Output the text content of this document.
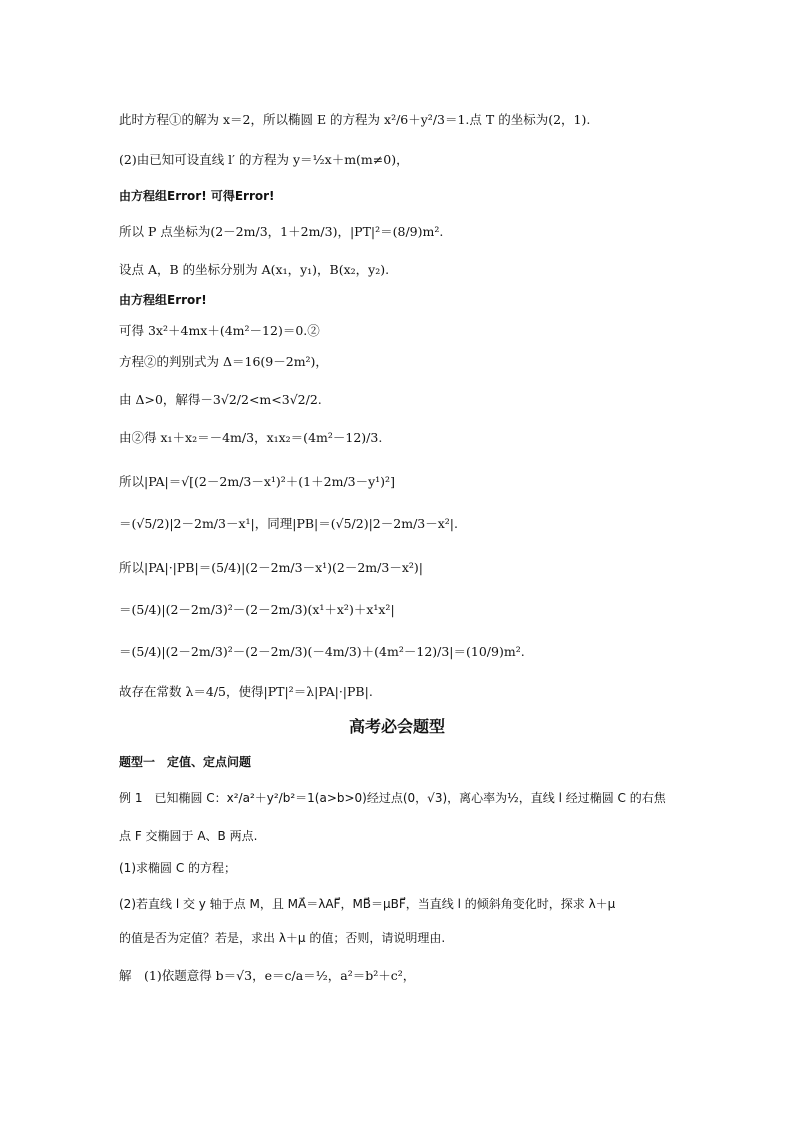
此时方程①的解为 x＝2，所以椭圆 E 的方程为 x²/6＋y²/3＝1.点 T 的坐标为(2，1).
(2)由已知可设直线 l′ 的方程为 y＝½x＋m(m≠0)，
由方程组Error! 可得Error!
所以 P 点坐标为(2－2m/3，1＋2m/3)，|PT|²＝(8/9)m².
设点 A，B 的坐标分别为 A(x₁，y₁)，B(x₂，y₂).
由方程组Error!
可得 3x²＋4mx＋(4m²－12)＝0.②
方程②的判别式为 Δ＝16(9－2m²)，
由 Δ>0，解得－3√2/2<m<3√2/2.
由②得 x₁＋x₂＝－4m/3，x₁x₂＝(4m²－12)/3.
所以|PA|＝√[(2－2m/3－x¹)²＋(1＋2m/3－y¹)²]
＝(√5/2)|2－2m/3－x¹|，同理|PB|＝(√5/2)|2－2m/3－x²|.
所以|PA|·|PB|＝(5/4)|(2－2m/3－x¹)(2－2m/3－x²)|
＝(5/4)|(2－2m/3)²－(2－2m/3)(x¹＋x²)＋x¹x²|
＝(5/4)|(2－2m/3)²－(2－2m/3)(－4m/3)＋(4m²－12)/3|＝(10/9)m².
故存在常数 λ＝4/5，使得|PT|²＝λ|PA|·|PB|.
高考必会题型
题型一　定值、定点问题
例 1　已知椭圆 C：x²/a²＋y²/b²＝1(a>b>0)经过点(0，√3)，离心率为½，直线 l 经过椭圆 C 的右焦
点 F 交椭圆于 A、B 两点.
(1)求椭圆 C 的方程；
(2)若直线 l 交 y 轴于点 M，且 MA⃗＝λAF⃗，MB⃗＝μBF⃗，当直线 l 的倾斜角变化时，探求 λ＋μ
的值是否为定值？若是，求出 λ＋μ 的值；否则，请说明理由.
解　(1)依题意得 b＝√3，e＝c/a＝½，a²＝b²＋c²，
